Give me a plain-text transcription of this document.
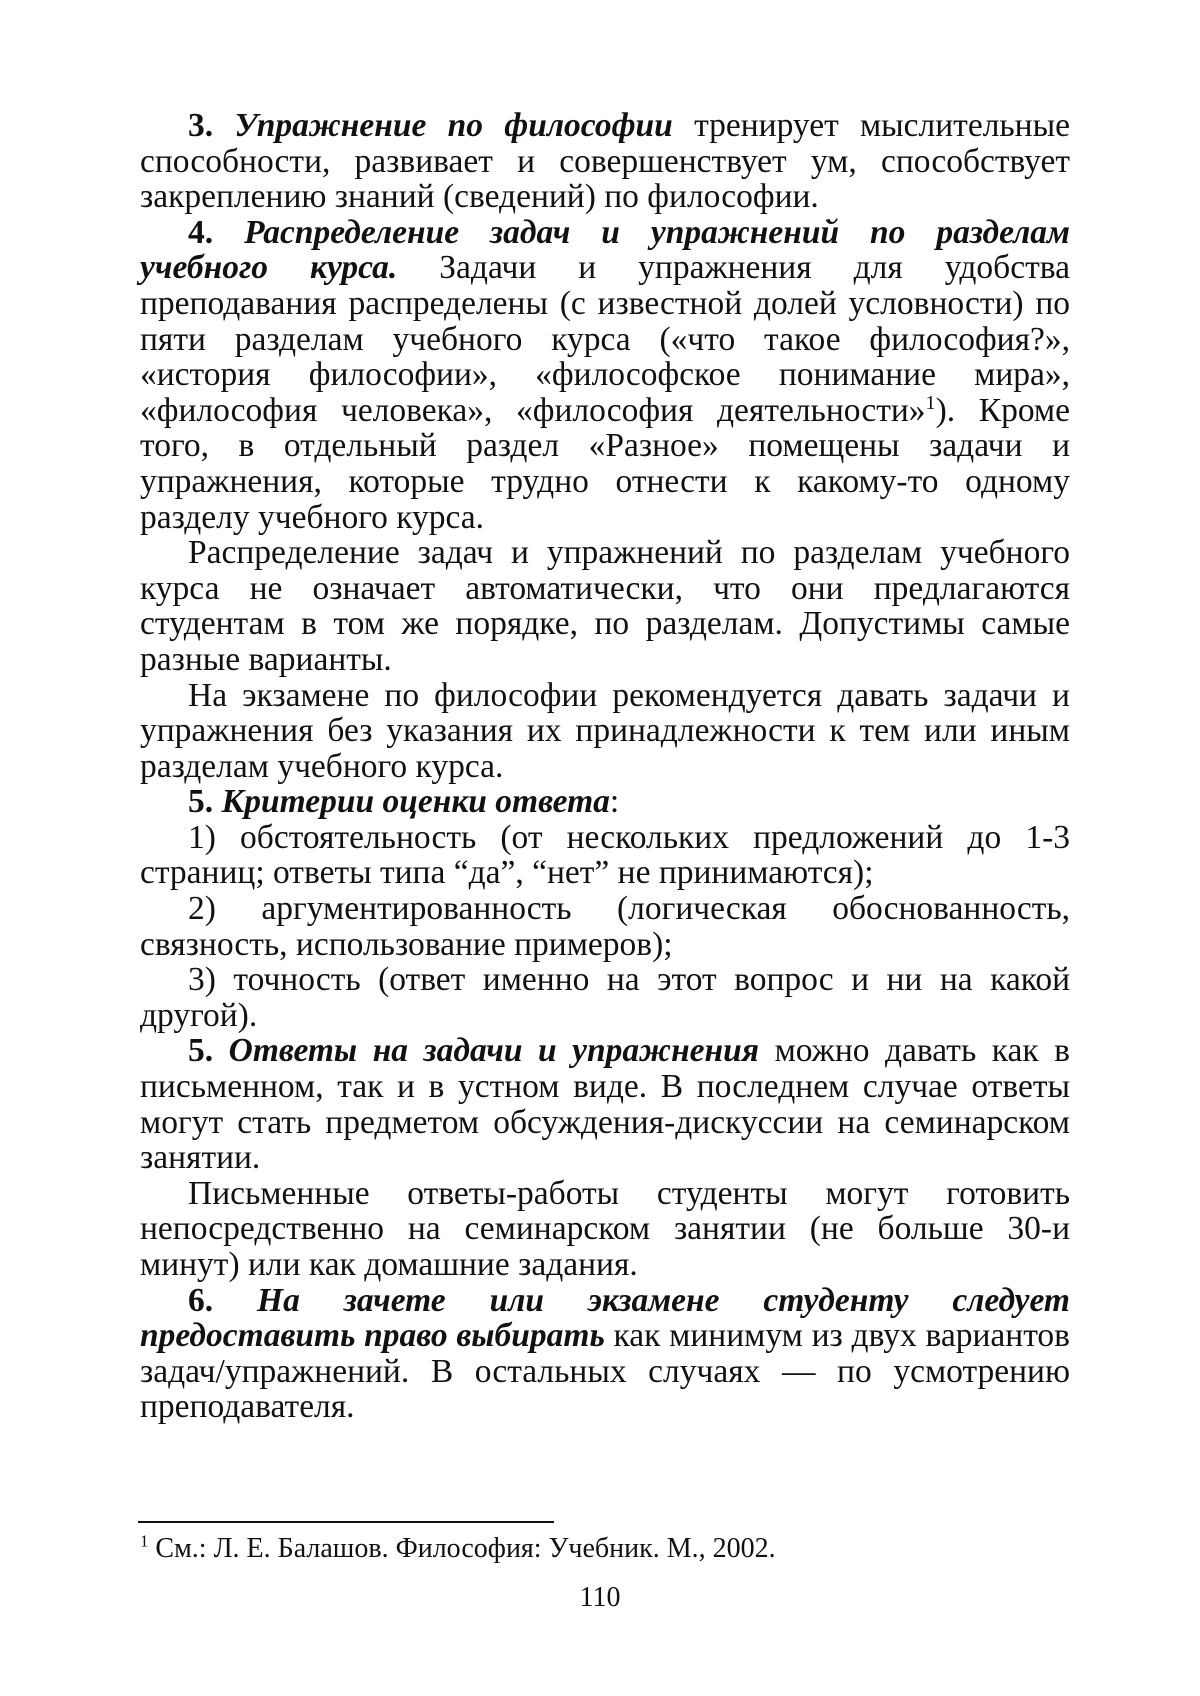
3. Упражнение по философии тренирует мыслительные способности, развивает и совершенствует ум, способствует закреплению знаний (сведений) по философии.

4. Распределение задач и упражнений по разделам учебного курса. Задачи и упражнения для удобства преподавания распределены (с известной долей условности) по пяти разделам учебного курса («что такое философия?», «история философии», «философское понимание мира», «философия человека», «философия деятельности»$^1$). Кроме того, в отдельный раздел «Разное» помещены задачи и упражнения, которые трудно отнести к какому-то одному разделу учебного курса.

Распределение задач и упражнений по разделам учебного курса не означает автоматически, что они предлагаются студентам в том же порядке, по разделам. Допустимы самые разные варианты.

На экзамене по философии рекомендуется давать задачи и упражнения без указания их принадлежности к тем или иным разделам учебного курса.

5. Критерии оценки ответа:

1) обстоятельность (от нескольких предложений до 1-3 страниц; ответы типа “да”, “нет” не принимаются);

2) аргументированность (логическая обоснованность, связность, использование примеров);

3) точность (ответ именно на этот вопрос и ни на какой другой).

5. Ответы на задачи и упражнения можно давать как в письменном, так и в устном виде. В последнем случае ответы могут стать предметом обсуждения-дискуссии на семинарском занятии.

Письменные ответы-работы студенты могут готовить непосредственно на семинарском занятии (не больше 30-и минут) или как домашние задания.

6. На зачете или экзамене студенту следует предоставить право выбирать как минимум из двух вариантов задач/упражнений. В остальных случаях — по усмотрению преподавателя.

$^1$ См.: Л. Е. Балашов. Философия: Учебник. М., 2002.
110
